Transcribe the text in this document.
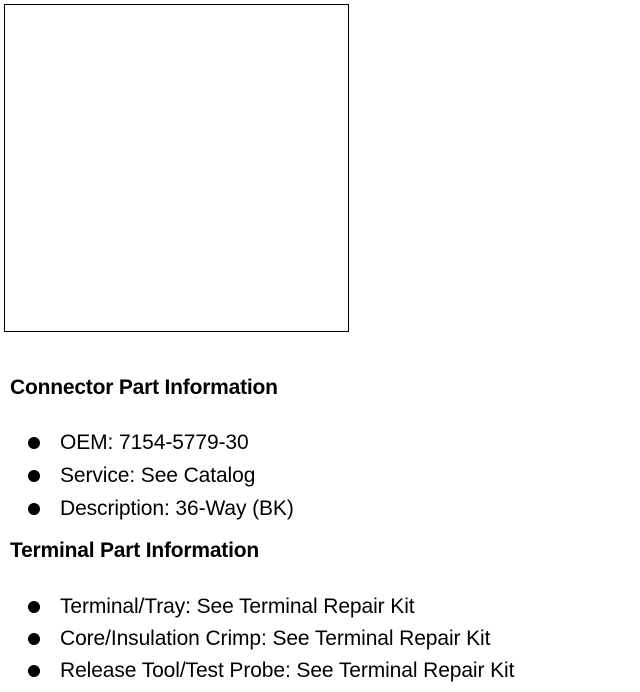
Connector Part Information
OEM: 7154-5779-30
Service: See Catalog
Description: 36-Way (BK)
Terminal Part Information
Terminal/Tray: See Terminal Repair Kit
Core/Insulation Crimp: See Terminal Repair Kit
Release Tool/Test Probe: See Terminal Repair Kit
